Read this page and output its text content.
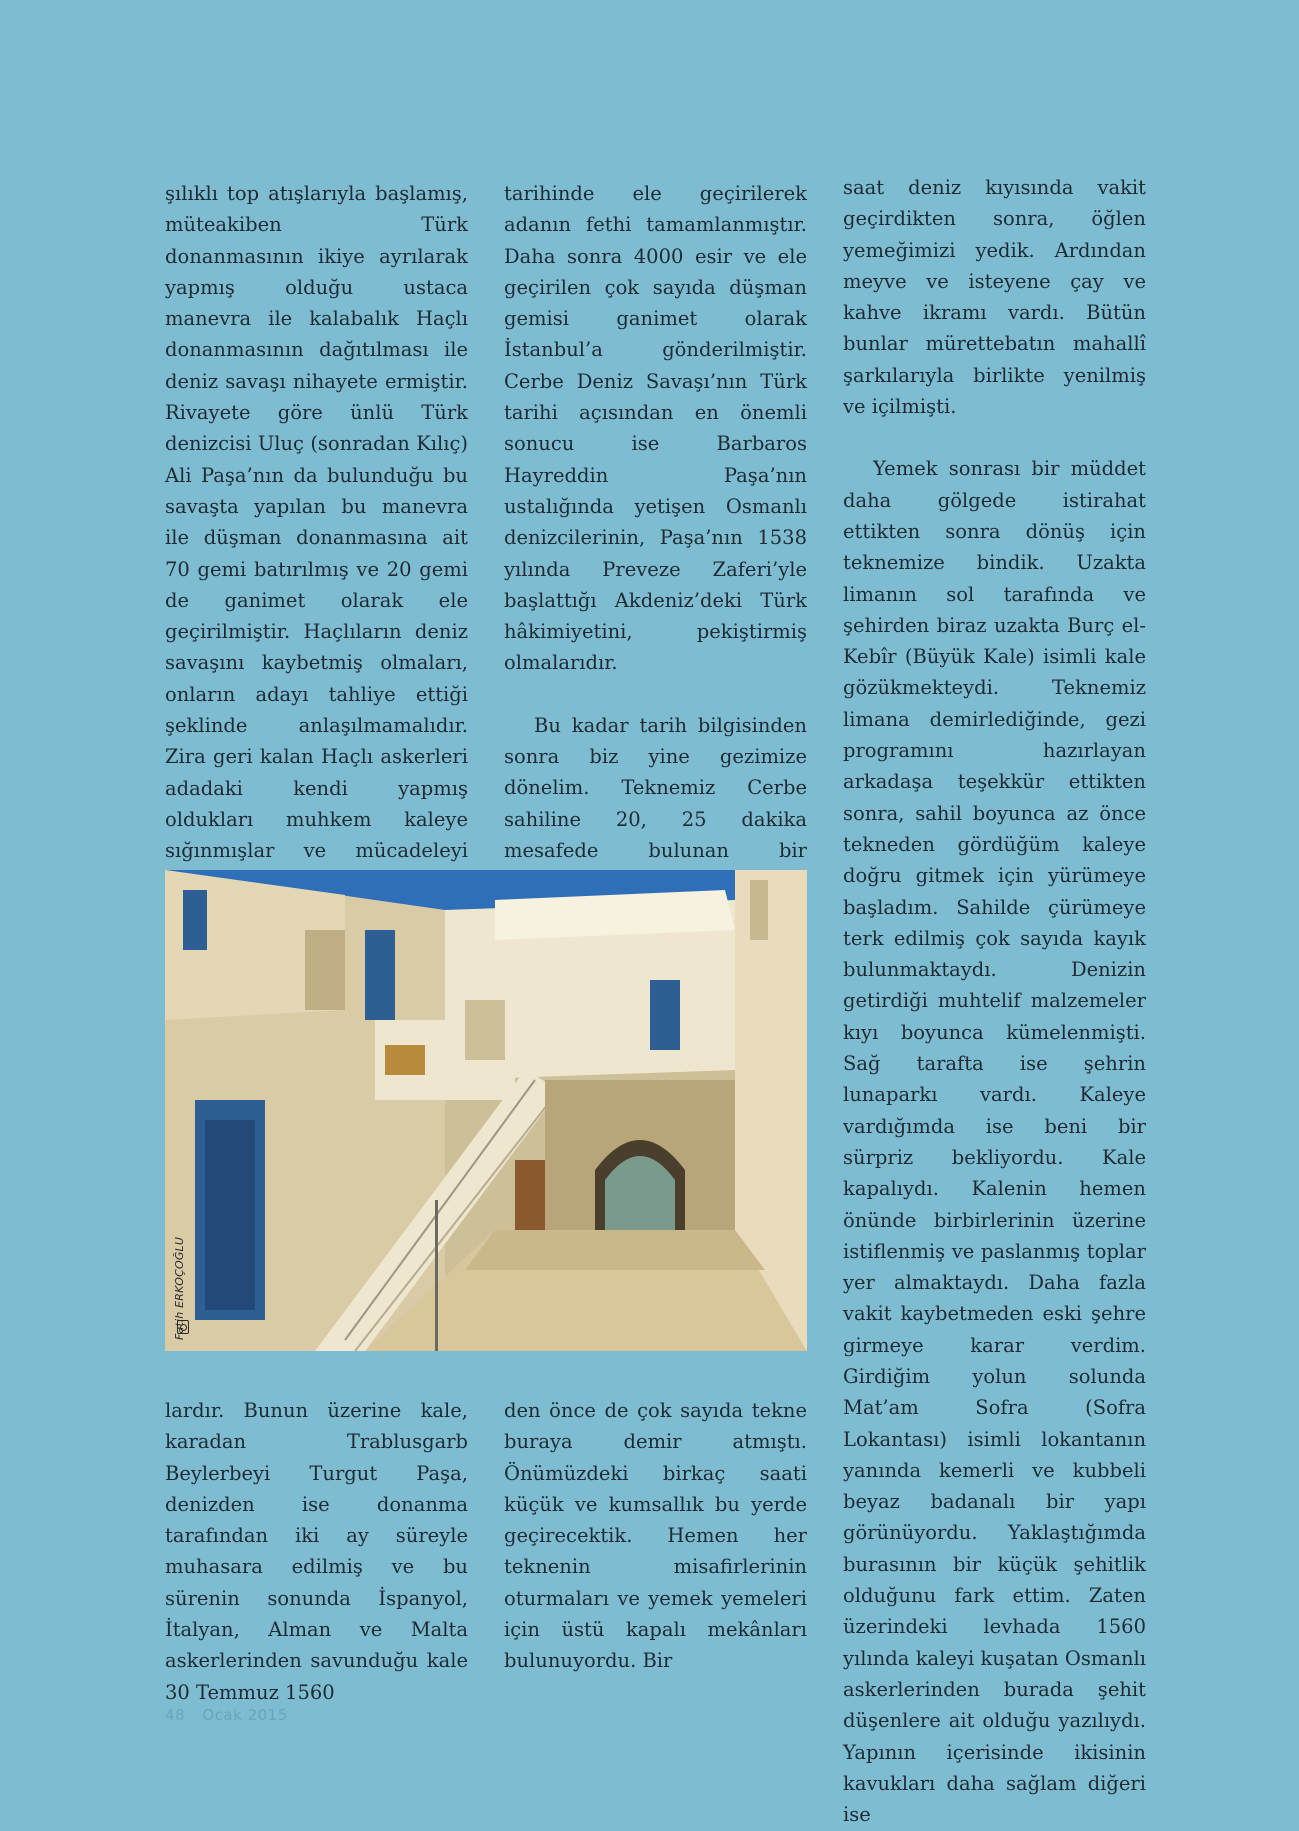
şılıklı top atışlarıyla başlamış, müteakiben Türk donanmasının ikiye ayrılarak yapmış olduğu ustaca manevra ile kalabalık Haçlı donanmasının dağıtılması ile deniz savaşı nihayete ermiştir. Rivayete göre ünlü Türk denizcisi Uluç (sonradan Kılıç) Ali Paşa’nın da bulunduğu bu savaşta yapılan bu manevra ile düşman donanmasına ait 70 gemi batırılmış ve 20 gemi de ganimet olarak ele geçirilmiştir. Haçlıların deniz savaşını kaybetmiş olmaları, onların adayı tahliye ettiği şeklinde anlaşılmamalıdır. Zira geri kalan Haçlı askerleri adadaki kendi yapmış oldukları muhkem kaleye sığınmışlar ve mücadeleyi

tarihinde ele geçirilerek adanın fethi tamamlanmıştır. Daha sonra 4000 esir ve ele geçirilen çok sayıda düşman gemisi ganimet olarak İstanbul’a gönderilmiştir. Cerbe Deniz Savaşı’nın Türk tarihi açısından en önemli sonucu ise Barbaros Hayreddin Paşa’nın ustalığında yetişen Osmanlı denizcilerinin, Paşa’nın 1538 yılında Preveze Zaferi’yle başlattığı Akdeniz’deki Türk hâkimiyetini, pekiştirmiş olmalarıdır.

Bu kadar tarih bilgisinden sonra biz yine gezimize dönelim. Teknemiz Cerbe sahiline 20, 25 dakika mesafede bulunan bir

saat deniz kıyısında vakit geçirdikten sonra, öğlen yemeğimizi yedik. Ardından meyve ve isteyene çay ve kahve ikramı vardı. Bütün bunlar mürettebatın mahallî şarkılarıyla birlikte yenilmiş ve içilmişti.

Yemek sonrası bir müddet daha gölgede istirahat ettikten sonra dönüş için teknemize bindik. Uzakta limanın sol tarafında ve şehirden biraz uzakta Burç el-Kebîr (Büyük Kale) isimli kale gözükmekteydi. Teknemiz limana demirlediğinde, gezi programını hazırlayan arkadaşa teşekkür ettikten sonra, sahil boyunca az önce tekneden gördüğüm kaleye doğru gitmek için yürümeye başladım. Sahilde çürümeye terk edilmiş çok sayıda kayık bulunmaktaydı. Denizin getirdiği muhtelif malzemeler kıyı boyunca kümelenmişti. Sağ tarafta ise şehrin lunaparkı vardı. Kaleye vardığımda ise beni bir sürpriz bekliyordu. Kale kapalıydı. Kalenin hemen önünde birbirlerinin üzerine istiflenmiş ve paslanmış toplar yer almaktaydı. Daha fazla vakit kaybetmeden eski şehre girmeye karar verdim. Girdiğim yolun solunda Mat’am Sofra (Sofra Lokantası) isimli lokantanın yanında kemerli ve kubbeli beyaz badanalı bir yapı görünüyordu. Yaklaştığımda burasının bir küçük şehitlik olduğunu fark ettim. Zaten üzerindeki levhada 1560 yılında kaleyi kuşatan Osmanlı askerlerinden burada şehit düşenlere ait olduğu yazılıydı. Yapının içerisinde ikisinin kavukları daha sağlam diğeri ise

Fatih ERKOÇOĞLU

lardır. Bunun üzerine kale, karadan Trablusgarb Beylerbeyi Turgut Paşa, denizden ise donanma tarafından iki ay süreyle muhasara edilmiş ve bu sürenin sonunda İspanyol, İtalyan, Alman ve Malta askerlerinden savunduğu kale 30 Temmuz 1560

den önce de çok sayıda tekne buraya demir atmıştı. Önümüzdeki birkaç saati küçük ve kumsallık bu yerde geçirecektik. Hemen her teknenin misafirlerinin oturmaları ve yemek yemeleri için üstü kapalı mekânları bulunuyordu. Bir

48 Ocak 2015
